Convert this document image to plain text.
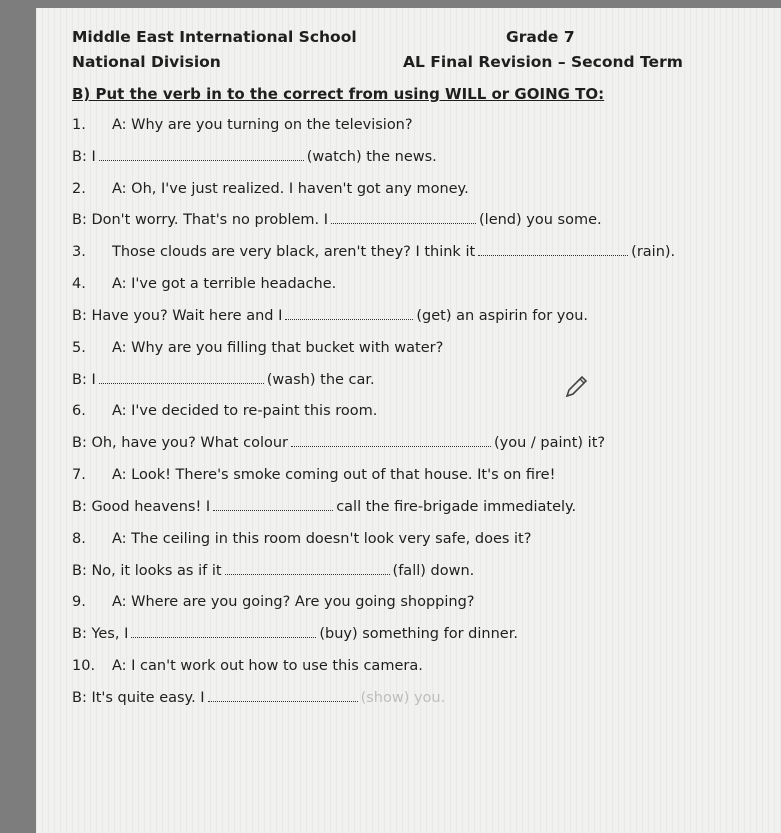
Middle East International School	Grade 7
National Division	AL Final Revision – Second Term
B) Put the verb in to the correct from using WILL or GOING TO:
1. A: Why are you turning on the television?
B: I	(watch) the news.
2. A: Oh, I've just realized. I haven't got any money.
B: Don't worry. That's no problem. I	(lend) you some.
3. Those clouds are very black, aren't they? I think it	(rain).
4. A: I've got a terrible headache.
B: Have you? Wait here and I	(get) an aspirin for you.
5. A: Why are you filling that bucket with water?
B: I	(wash) the car.
6. A: I've decided to re-paint this room.
B: Oh, have you? What colour	(you / paint) it?
7. A: Look! There's smoke coming out of that house. It's on fire!
B: Good heavens! I	call the fire-brigade immediately.
8. A: The ceiling in this room doesn't look very safe, does it?
B: No, it looks as if it	(fall) down.
9. A: Where are you going? Are you going shopping?
B: Yes, I	(buy) something for dinner.
10. A: I can't work out how to use this camera.
B: It's quite easy. I	(show) you.
